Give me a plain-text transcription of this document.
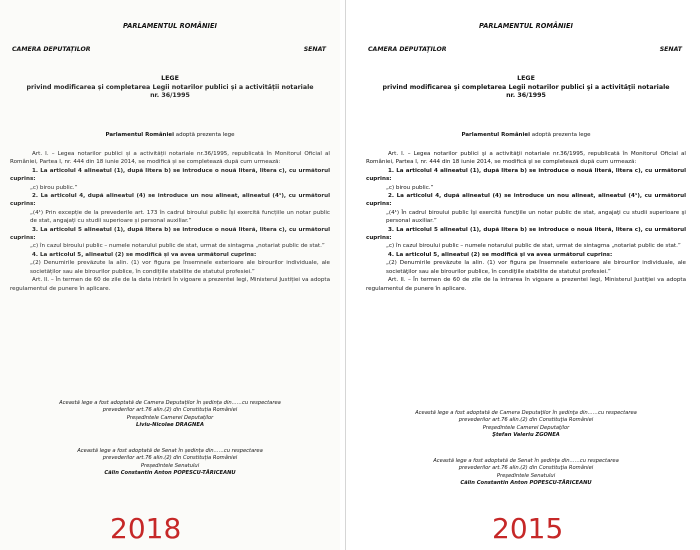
PARLAMENTUL ROMÂNIEI
CAMERA DEPUTAȚILOR	SENAT
LEGE
privind modificarea și completarea Legii notarilor publici și a activității notariale nr. 36/1995
Parlamentul României adoptă prezenta lege

Art. I. – Legea notarilor publici și a activității notariale nr.36/1995, republicată în Monitorul Oficial al României, Partea I, nr. 444 din 18 iunie 2014, se modifică și se completează după cum urmează:

1. La articolul 4 alineatul (1), după litera b) se introduce o nouă literă, litera c), cu următorul cuprins:

„c) birou public.”

2. La articolul 4, după alineatul (4) se introduce un nou alineat, alineatul (4¹), cu următorul cuprins:

„(4¹) Prin excepție de la prevederile art. 173 în cadrul biroului public își exercită funcțiile un notar public de stat, angajați cu studii superioare și personal auxiliar.”

3. La articolul 5 alineatul (1), după litera b) se introduce o nouă literă, litera c), cu următorul cuprins:

„c) în cazul biroului public – numele notarului public de stat, urmat de sintagma „notariat public de stat.”

4. La articolul 5, alineatul (2) se modifică și va avea următorul cuprins:

„(2) Denumirile prevăzute la alin. (1) vor figura pe însemnele exterioare ale birourilor individuale, ale societăților sau ale birourilor publice, în condițiile stabilite de statutul profesiei.”

Art. II. – În termen de 60 de zile de la data intrării în vigoare a prezentei legi, Ministerul Justiției va adopta regulamentul de punere în aplicare.

Această lege a fost adoptată de Camera Deputaților în ședința din……cu respectarea
prevederilor art.76 alin.(2) din Constituția României
Președintele Camerei Deputaților
Liviu-Nicolae DRAGNEA
Această lege a fost adoptată de Senat în ședința din……cu respectarea
prevederilor art.76 alin.(2) din Constituția României
Președintele Senatului
Călin Constantin Anton POPESCU-TĂRICEANU
PARLAMENTUL ROMÂNIEI
CAMERA DEPUTAŢILOR	SENAT
LEGE
privind modificarea şi completarea Legii notarilor publici şi a activităţii notariale nr. 36/1995
Parlamentul României adoptă prezenta lege

Art. I. – Legea notarilor publici şi a activităţii notariale nr.36/1995, republicată în Monitorul Oficial al României, Partea I, nr. 444 din 18 iunie 2014, se modifică şi se completează după cum urmează:

1. La articolul 4 alineatul (1), după litera b) se introduce o nouă literă, litera c), cu următorul cuprins:

„c) birou public.”

2. La articolul 4, după alineatul (4) se introduce un nou alineat, alineatul (4¹), cu următorul cuprins:

„(4¹) În cadrul biroului public îşi exercită funcţiile un notar public de stat, angajaţi cu studii superioare şi personal auxiliar.”

3. La articolul 5 alineatul (1), după litera b) se introduce o nouă literă, litera c), cu următorul cuprins:

„c) în cazul biroului public – numele notarului public de stat, urmat de sintagma „notariat public de stat.”

4. La articolul 5, alineatul (2) se modifică şi va avea următorul cuprins:

„(2) Denumirile prevăzute la alin. (1) vor figura pe însemnele exterioare ale birourilor individuale, ale societăţilor sau ale birourilor publice, în condiţiile stabilite de statutul profesiei.”

Art. II. – În termen de 60 de zile de la intrarea în vigoare a prezentei legi, Ministerul Justiţiei va adopta regulamentul de punere în aplicare.

Această lege a fost adoptată de Camera Deputaţilor în şedinţa din……cu respectarea
prevederilor art.76 alin.(2) din Constituţia României
Preşedintele Camerei Deputaţilor
Ştefan Valeriu ZGONEA
Această lege a fost adoptată de Senat în şedinţa din……cu respectarea
prevederilor art.76 alin.(2) din Constituţia României
Preşedintele Senatului
Călin Constantin Anton POPESCU-TĂRICEANU
2018	2015
